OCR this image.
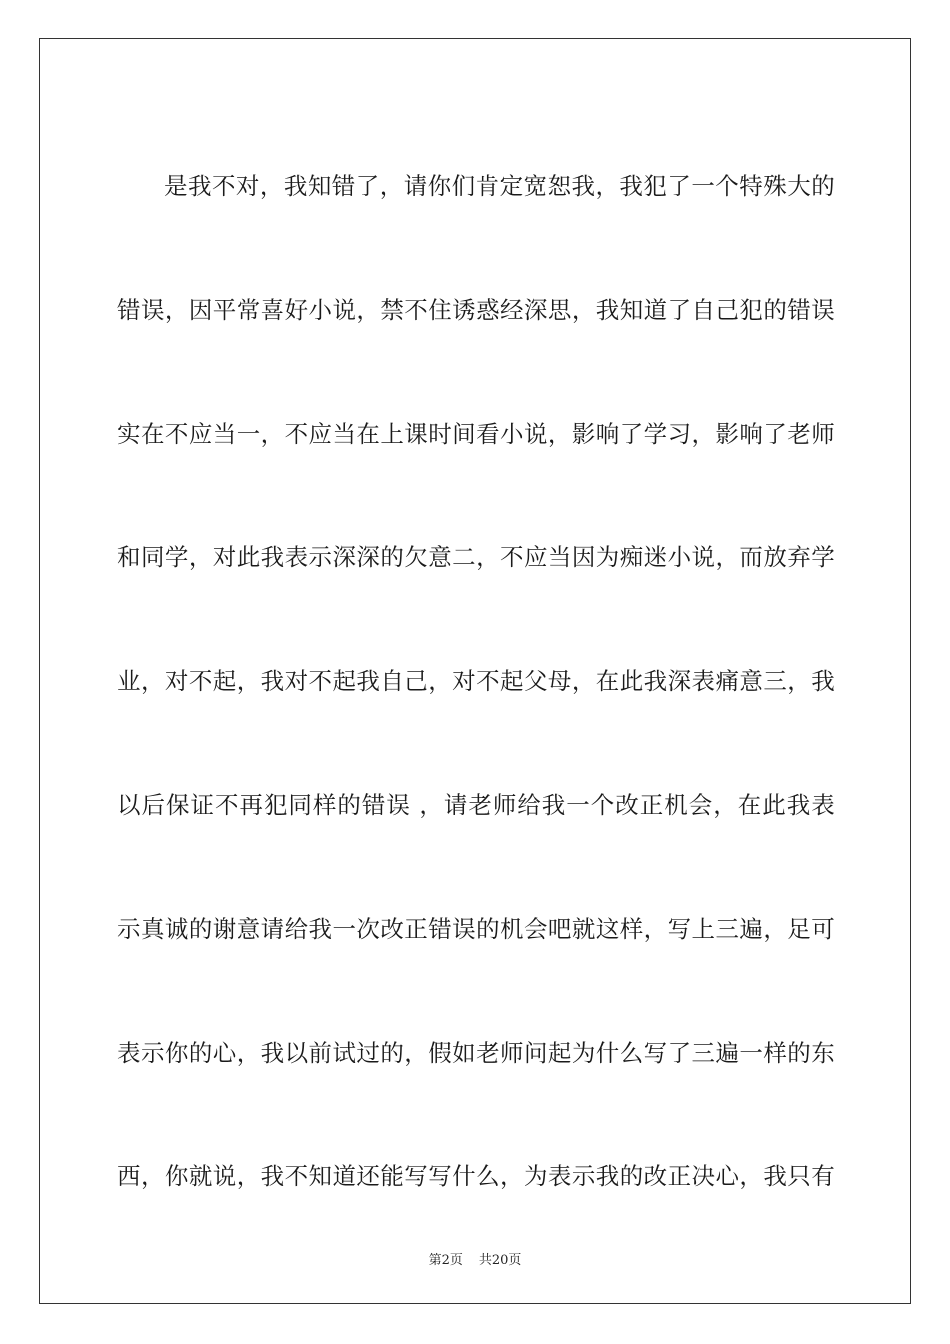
是我不对，我知错了，请你们肯定宽恕我，我犯了一个特殊大的错误，因平常喜好小说，禁不住诱惑经深思，我知道了自己犯的错误实在不应当一，不应当在上课时间看小说，影响了学习，影响了老师和同学，对此我表示深深的欠意二，不应当因为痴迷小说，而放弃学业，对不起，我对不起我自己，对不起父母，在此我深表痛意三，我以后保证不再犯同样的错误 ，请老师给我一个改正机会，在此我表示真诚的谢意请给我一次改正错误的机会吧就这样，写上三遍，足可表示你的心，我以前试过的，假如老师问起为什么写了三遍一样的东西，你就说，我不知道还能写写什么，为表示我的改正决心，我只有

第2页 共20页
